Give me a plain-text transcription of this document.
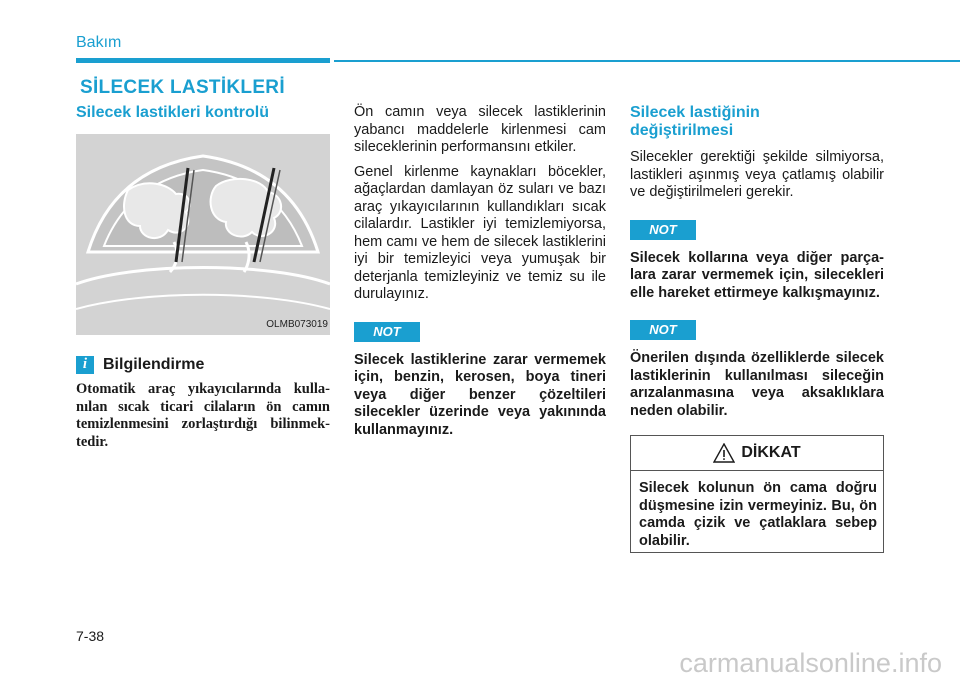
Bakım
SİLECEK LASTİKLERİ
Silecek lastikleri kontrolü
OLMB073019
i Bilgilendirme

Otomatik araç yıkayıcılarında kullanılan sıcak ticari cilaların ön camın temizlenmesini zorlaştırdığı bilinmektedir.

Ön camın veya silecek lastiklerinin yabancı maddelerle kirlenmesi cam sileceklerinin performansını etkiler.

Genel kirlenme kaynakları böcekler, ağaçlardan damlayan öz suları ve bazı araç yıkayıcılarının kullandıkları sıcak cilalardır. Lastikler iyi temizlemiyorsa, hem camı ve hem de silecek lastiklerini iyi bir temizleyici veya yumuşak bir deterjanla temizleyiniz ve temiz su ile durulayınız.

NOT

Silecek lastiklerine zarar vermemek için, benzin, kerosen, boya tineri veya diğer benzer çözeltileri silecekler üzerinde veya yakınında kullanmayınız.

Silecek lastiğinin
değiştirilmesi

Silecekler gerektiği şekilde silmiyorsa, lastikleri aşınmış veya çatlamış olabilir ve değiştirilmeleri gerekir.

NOT

Silecek kollarına veya diğer parçalara zarar vermemek için, silecekleri elle hareket ettirmeye kalkışmayınız.

NOT

Önerilen dışında özelliklerde silecek lastiklerinin kullanılması sileceğin arızalanmasına veya aksaklıklara neden olabilir.

DİKKAT
Silecek kolunun ön cama doğru düşmesine izin vermeyiniz. Bu, ön camda çizik ve çatlaklara sebep olabilir.
7-38
carmanualsonline.info
